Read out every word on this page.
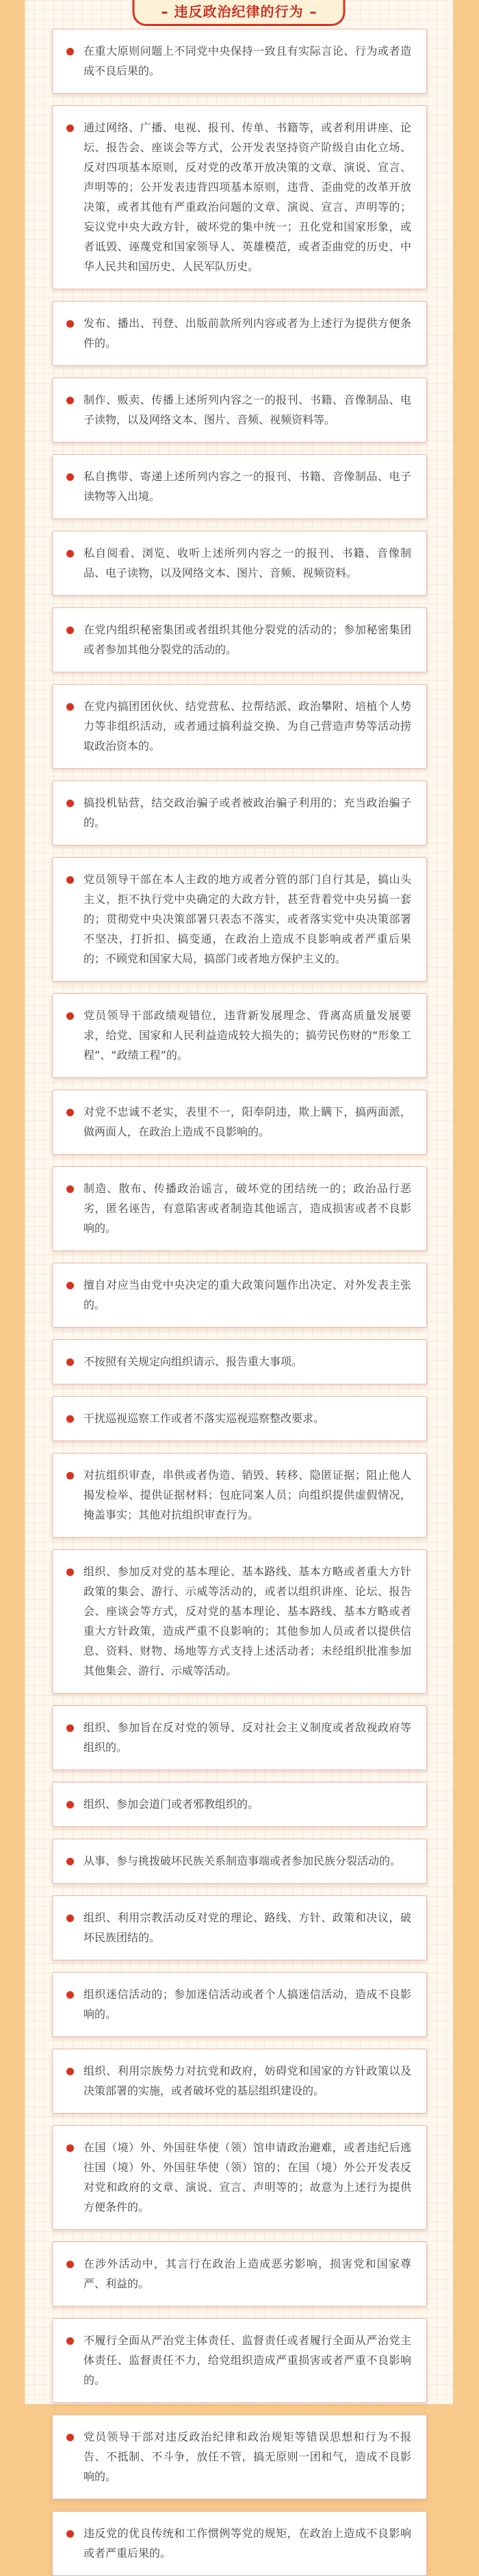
违反政治纪律的行为

在重大原则问题上不同党中央保持一致且有实际言论、行为或者造成不良后果的。

通过网络、广播、电视、报刊、传单、书籍等，或者利用讲座、论坛、报告会、座谈会等方式，公开发表坚持资产阶级自由化立场、反对四项基本原则，反对党的改革开放决策的文章、演说、宣言、声明等的；公开发表违背四项基本原则，违背、歪曲党的改革开放决策，或者其他有严重政治问题的文章、演说、宣言、声明等的；妄议党中央大政方针，破坏党的集中统一；丑化党和国家形象，或者诋毁、诬蔑党和国家领导人、英雄模范，或者歪曲党的历史、中华人民共和国历史、人民军队历史。

发布、播出、刊登、出版前款所列内容或者为上述行为提供方便条件的。

制作、贩卖、传播上述所列内容之一的报刊、书籍、音像制品、电子读物，以及网络文本、图片、音频、视频资料等。

私自携带、寄递上述所列内容之一的报刊、书籍、音像制品、电子读物等入出境。

私自阅看、浏览、收听上述所列内容之一的报刊、书籍、音像制品、电子读物，以及网络文本、图片、音频、视频资料。

在党内组织秘密集团或者组织其他分裂党的活动的；参加秘密集团或者参加其他分裂党的活动的。

在党内搞团团伙伙、结党营私、拉帮结派、政治攀附、培植个人势力等非组织活动，或者通过搞利益交换、为自己营造声势等活动捞取政治资本的。

搞投机钻营，结交政治骗子或者被政治骗子利用的；充当政治骗子的。

党员领导干部在本人主政的地方或者分管的部门自行其是，搞山头主义，拒不执行党中央确定的大政方针，甚至背着党中央另搞一套的；贯彻党中央决策部署只表态不落实，或者落实党中央决策部署不坚决，打折扣、搞变通，在政治上造成不良影响或者严重后果的；不顾党和国家大局，搞部门或者地方保护主义的。

党员领导干部政绩观错位，违背新发展理念、背离高质量发展要求，给党、国家和人民利益造成较大损失的；搞劳民伤财的“形象工程”、“政绩工程”的。

对党不忠诚不老实，表里不一，阳奉阴违，欺上瞒下，搞两面派，做两面人，在政治上造成不良影响的。

制造、散布、传播政治谣言，破坏党的团结统一的；政治品行恶劣，匿名诬告，有意陷害或者制造其他谣言，造成损害或者不良影响的。

擅自对应当由党中央决定的重大政策问题作出决定、对外发表主张的。

不按照有关规定向组织请示、报告重大事项。

干扰巡视巡察工作或者不落实巡视巡察整改要求。

对抗组织审查，串供或者伪造、销毁、转移、隐匿证据；阻止他人揭发检举、提供证据材料；包庇同案人员；向组织提供虚假情况，掩盖事实；其他对抗组织审查行为。

组织、参加反对党的基本理论、基本路线、基本方略或者重大方针政策的集会、游行、示威等活动的，或者以组织讲座、论坛、报告会、座谈会等方式，反对党的基本理论、基本路线、基本方略或者重大方针政策，造成严重不良影响的；其他参加人员或者以提供信息、资料、财物、场地等方式支持上述活动者；未经组织批准参加其他集会、游行、示威等活动。

组织、参加旨在反对党的领导、反对社会主义制度或者敌视政府等组织的。

组织、参加会道门或者邪教组织的。

从事、参与挑拨破坏民族关系制造事端或者参加民族分裂活动的。

组织、利用宗教活动反对党的理论、路线、方针、政策和决议，破坏民族团结的。

组织迷信活动的；参加迷信活动或者个人搞迷信活动，造成不良影响的。

组织、利用宗族势力对抗党和政府，妨碍党和国家的方针政策以及决策部署的实施，或者破坏党的基层组织建设的。

在国（境）外、外国驻华使（领）馆申请政治避难，或者违纪后逃往国（境）外、外国驻华使（领）馆的；在国（境）外公开发表反对党和政府的文章、演说、宣言、声明等的；故意为上述行为提供方便条件的。

在涉外活动中，其言行在政治上造成恶劣影响，损害党和国家尊严、利益的。

不履行全面从严治党主体责任、监督责任或者履行全面从严治党主体责任、监督责任不力，给党组织造成严重损害或者严重不良影响的。

党员领导干部对违反政治纪律和政治规矩等错误思想和行为不报告、不抵制、不斗争，放任不管，搞无原则一团和气，造成不良影响的。

违反党的优良传统和工作惯例等党的规矩，在政治上造成不良影响或者严重后果的。
